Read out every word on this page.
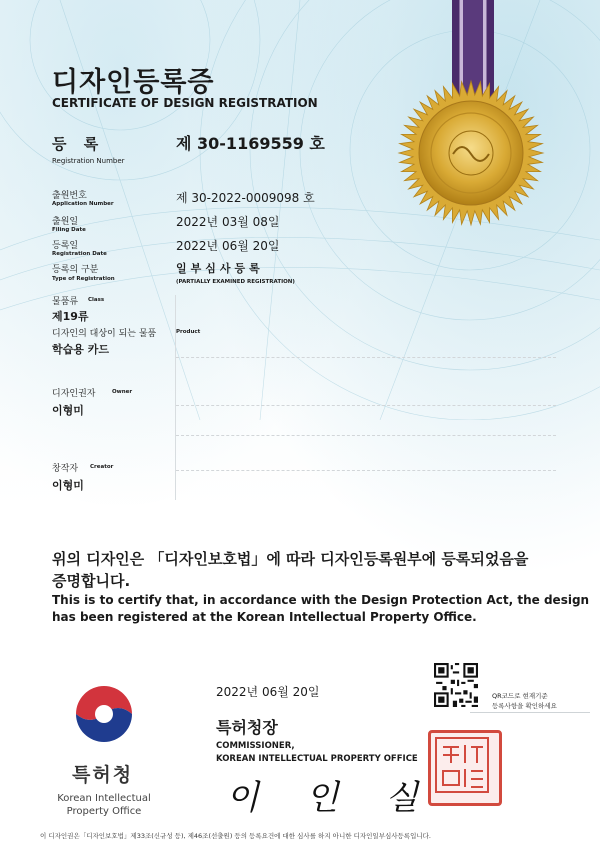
디자인등록증
CERTIFICATE OF DESIGN REGISTRATION
등 록
Registration Number
제 30-1169559 호
출원번호
Application Number	제 30-2022-0009098 호
출원일
Filing Date
2022년 03월 08일
등록일
Registration Date
2022년 06월 20일
등록의 구분
Type of Registration
일부심사등록
(PARTIALLY EXAMINED REGISTRATION)
물품류 Class
제19류
디자인의 대상이 되는 물품	Product
학습용 카드
디자인권자	Owner
이형미
창작자 Creator
이형미
위의 디자인은 「디자인보호법」에 따라 디자인등록원부에 등록되었음을
증명합니다.
This is to certify that, in accordance with the Design Protection Act, the design
has been registered at the Korean Intellectual Property Office.
2022년 06월 20일	QR코드로 현재기준
등록사항을 확인하세요
특허청장
COMMISSIONER,
KOREAN INTELLECTUAL PROPERTY OFFICE
이 인 실
특허청
Korean Intellectual
Property Office
이 디자인권은「디자인보호법」제33조(신규성 등), 제46조(선출원) 등의 등록요건에 대한 심사를 하지 아니한 디자인일부심사등록입니다.
